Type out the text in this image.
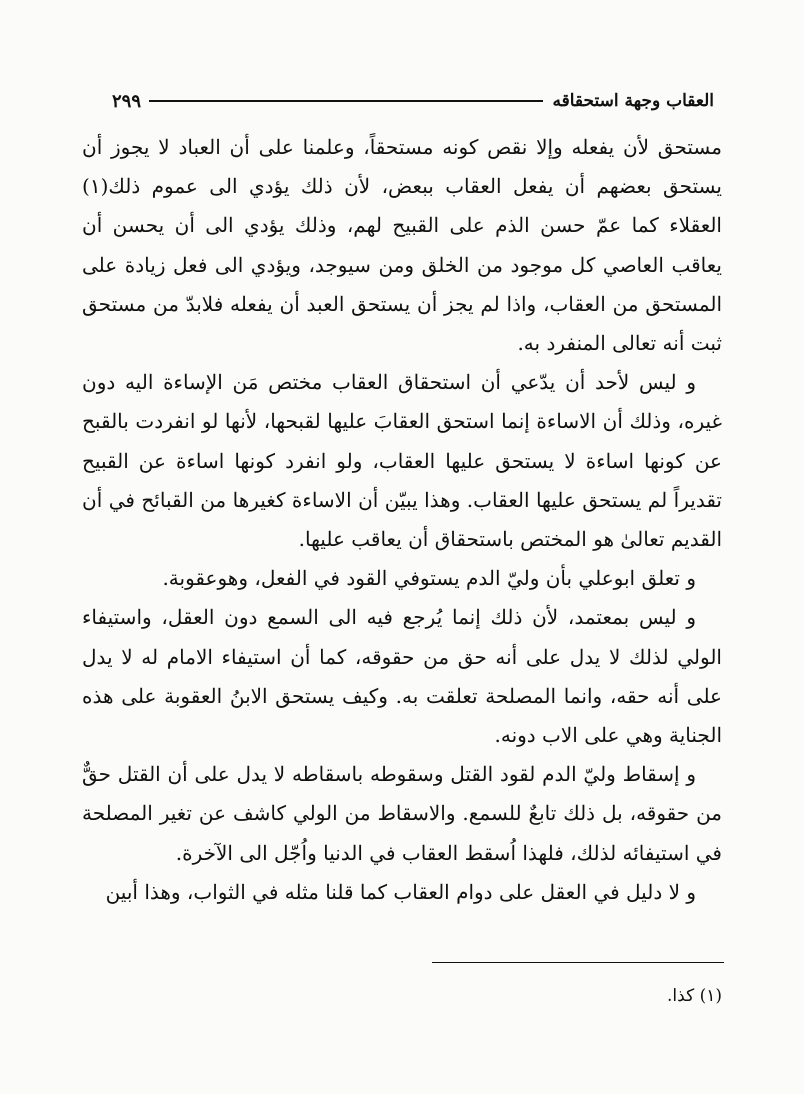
العقاب وجهة استحقاقه
٢٩٩

مستحق لأن يفعله وإلا نقص كونه مستحقاً، وعلمنا على أن العباد لا يجوز أن يستحق بعضهم أن يفعل العقاب ببعض، لأن ذلك يؤدي الى عموم ذلك(١) العقلاء كما عمّ حسن الذم على القبيح لهم، وذلك يؤدي الى أن يحسن أن يعاقب العاصي كل موجود من الخلق ومن سيوجد، ويؤدي الى فعل زيادة على المستحق من العقاب، واذا لم يجز أن يستحق العبد أن يفعله فلابدّ من مستحق ثبت أنه تعالى المنفرد به.

و ليس لأحد أن يدّعي أن استحقاق العقاب مختص مَن الإساءة اليه دون غيره، وذلك أن الاساءة إنما استحق العقابَ عليها لقبحها، لأنها لو انفردت بالقبح عن كونها اساءة لا يستحق عليها العقاب، ولو انفرد كونها اساءة عن القبيح تقديراً لم يستحق عليها العقاب. وهذا يبيّن أن الاساءة كغيرها من القبائح في أن القديم تعالىٰ هو المختص باستحقاق أن يعاقب عليها.

و تعلق ابوعلي بأن وليّ الدم يستوفي القود في الفعل، وهوعقوبة.

و ليس بمعتمد، لأن ذلك إنما يُرجع فيه الى السمع دون العقل، واستيفاء الولي لذلك لا يدل على أنه حق من حقوقه، كما أن استيفاء الامام له لا يدل على أنه حقه، وانما المصلحة تعلقت به. وكيف يستحق الابنُ العقوبة على هذه الجناية وهي على الاب دونه.

و إسقاط وليّ الدم لقود القتل وسقوطه باسقاطه لا يدل على أن القتل حقٌّ من حقوقه، بل ذلك تابعٌ للسمع. والاسقاط من الولي كاشف عن تغير المصلحة في استيفائه لذلك، فلهذا اُسقط العقاب في الدنيا واُجّل الى الآخرة.

و لا دليل في العقل على دوام العقاب كما قلنا مثله في الثواب، وهذا أبين

(١) كذا.
